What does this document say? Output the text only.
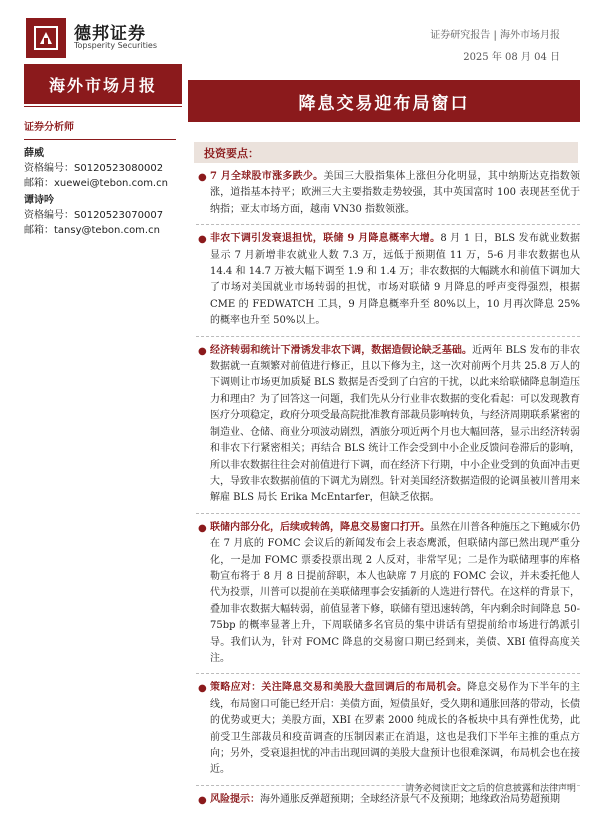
德邦证券
Topsperity Securities
证券研究报告 | 海外市场月报
2025 年 08 月 04 日
海外市场月报
降息交易迎布局窗口
证券分析师
薛威
资格编号：S0120523080002
邮箱：xuewei@tebon.com.cn
谭诗吟
资格编号：S0120523070007
邮箱：tansy@tebon.com.cn
投资要点：
● 7 月全球股市涨多跌少。美国三大股指集体上涨但分化明显，其中纳斯达克指数领涨，道指基本持平；欧洲三大主要指数走势较强，其中英国富时 100 表现甚至优于纳指；亚太市场方面，越南 VN30 指数领涨。
● 非农下调引发衰退担忧，联储 9 月降息概率大增。8 月 1 日，BLS 发布就业数据显示 7 月新增非农就业人数 7.3 万，远低于预期值 11 万，5-6 月非农数据也从 14.4 和 14.7 万被大幅下调至 1.9 和 1.4 万；非农数据的大幅跳水和前值下调加大了市场对美国就业市场转弱的担忧，市场对联储 9 月降息的呼声变得强烈，根据 CME 的 FEDWATCH 工具，9 月降息概率升至 80%以上，10 月再次降息 25%的概率也升至 50%以上。
● 经济转弱和统计下滑诱发非农下调，数据造假论缺乏基础。近两年 BLS 发布的非农数据就一直频繁对前值进行修正，且以下修为主，这一次对前两个月共 25.8 万人的下调则让市场更加质疑 BLS 数据是否受到了白宫的干扰，以此来给联储降息制造压力和理由？为了回答这一问题，我们先从分行业非农数据的变化看起：可以发现教育医疗分项稳定，政府分项受最高院批准教育部裁员影响转负，与经济周期联系紧密的制造业、仓储、商业分项波动剧烈，酒旅分项近两个月也大幅回落，显示出经济转弱和非农下行紧密相关；再结合 BLS 统计工作会受到中小企业反馈问卷滞后的影响，所以非农数据往往会对前值进行下调，而在经济下行期，中小企业受到的负面冲击更大，导致非农数据前值的下调尤为剧烈。针对美国经济数据造假的论调虽被川普用来解雇 BLS 局长 Erika McEntarfer，但缺乏依据。
● 联储内部分化，后续或转鸽，降息交易窗口打开。虽然在川普各种施压之下鲍威尔仍在 7 月底的 FOMC 会议后的新闻发布会上表态鹰派，但联储内部已然出现严重分化，一是加 FOMC 票委投票出现 2 人反对，非常罕见；二是作为联储理事的库格勒宣布将于 8 月 8 日提前辞职，本人也缺席 7 月底的 FOMC 会议，并未委托他人代为投票，川普可以提前在美联储理事会安插新的人选进行替代。在这样的背景下，叠加非农数据大幅转弱，前值显著下修，联储有望迅速转鸽，年内剩余时间降息 50-75bp 的概率显著上升，下周联储多名官员的集中讲话有望提前给市场进行鸽派引导。我们认为，针对 FOMC 降息的交易窗口期已经到来，美债、XBI 值得高度关注。
● 策略应对：关注降息交易和美股大盘回调后的布局机会。降息交易作为下半年的主线，布局窗口可能已经开启：美债方面，短债虽好，受久期和通胀回落的带动，长债的优势或更大；美股方面，XBI 在罗素 2000 纯成长的各板块中具有弹性优势，此前受卫生部裁员和疫苗调查的压制因素正在消退，这也是我们下半年主推的重点方向；另外，受衰退担忧的冲击出现回调的美股大盘预计也很难深调，布局机会也在接近。
● 风险提示：海外通胀反弹超预期；全球经济景气不及预期；地缘政治局势超预期
请务必阅读正文之后的信息披露和法律声明
